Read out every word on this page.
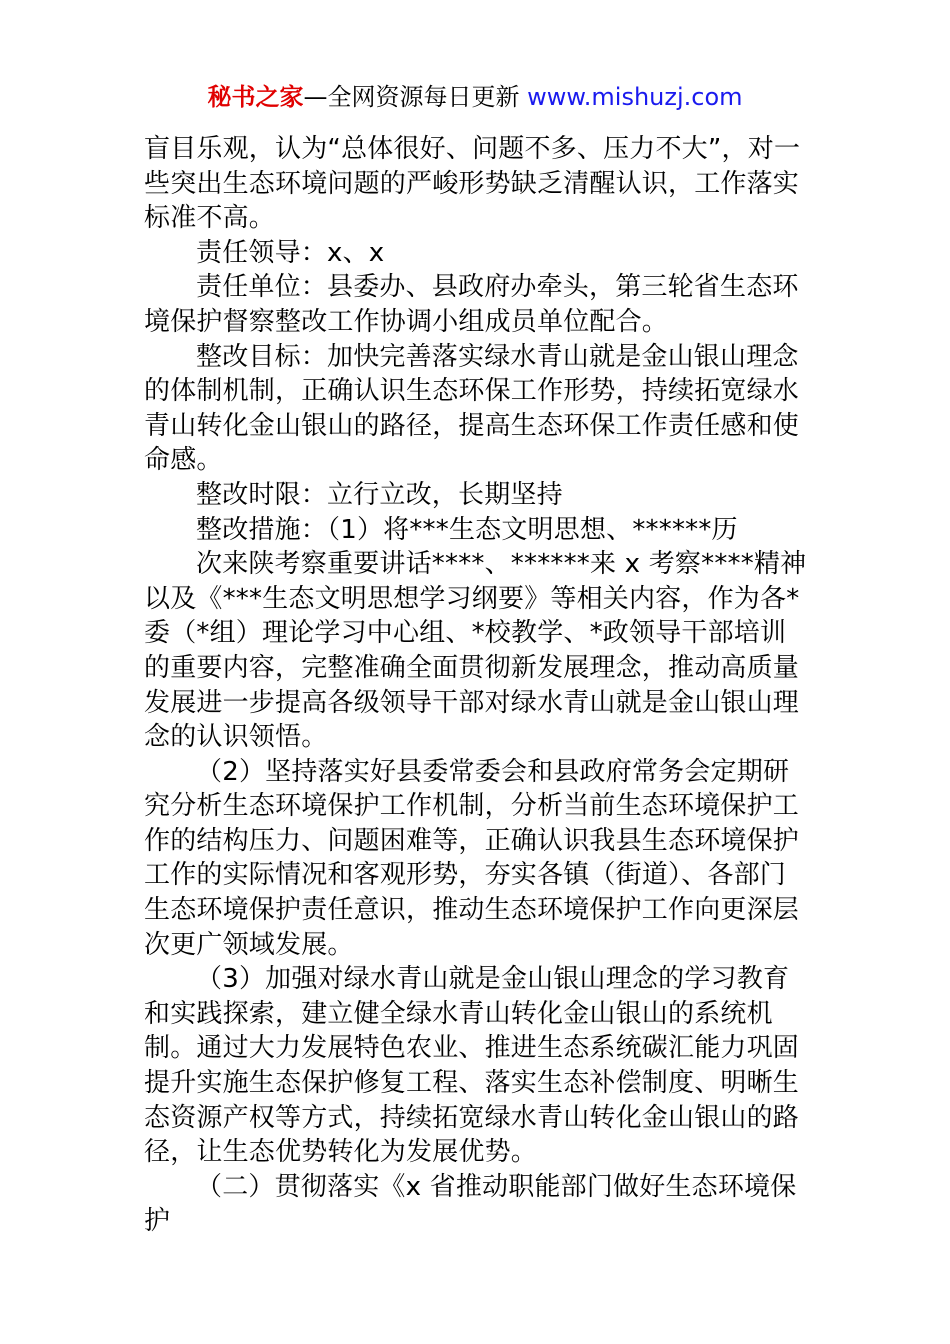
秘书之家—全网资源每日更新 www.mishuzj.com

盲目乐观，认为“总体很好、问题不多、压力不大”，对一些突出生态环境问题的严峻形势缺乏清醒认识，工作落实标准不高。

责任领导：x、x

责任单位：县委办、县政府办牵头，第三轮省生态环境保护督察整改工作协调小组成员单位配合。

整改目标：加快完善落实绿水青山就是金山银山理念的体制机制，正确认识生态环保工作形势，持续拓宽绿水青山转化金山银山的路径，提高生态环保工作责任感和使命感。

整改时限：立行立改，长期坚持

整改措施：（1）将***生态文明思想、******历

次来陕考察重要讲话****、******来 x 考察****精神以及《***生态文明思想学习纲要》等相关内容，作为各*委（*组）理论学习中心组、*校教学、*政领导干部培训的重要内容，完整准确全面贯彻新发展理念，推动高质量发展进一步提高各级领导干部对绿水青山就是金山银山理念的认识领悟。

（2）坚持落实好县委常委会和县政府常务会定期研究分析生态环境保护工作机制，分析当前生态环境保护工作的结构压力、问题困难等，正确认识我县生态环境保护工作的实际情况和客观形势，夯实各镇（街道）、各部门生态环境保护责任意识，推动生态环境保护工作向更深层次更广领域发展。

（3）加强对绿水青山就是金山银山理念的学习教育和实践探索，建立健全绿水青山转化金山银山的系统机制。通过大力发展特色农业、推进生态系统碳汇能力巩固提升实施生态保护修复工程、落实生态补偿制度、明晰生态资源产权等方式，持续拓宽绿水青山转化金山银山的路径，让生态优势转化为发展优势。

（二）贯彻落实《x 省推动职能部门做好生态环境保护
